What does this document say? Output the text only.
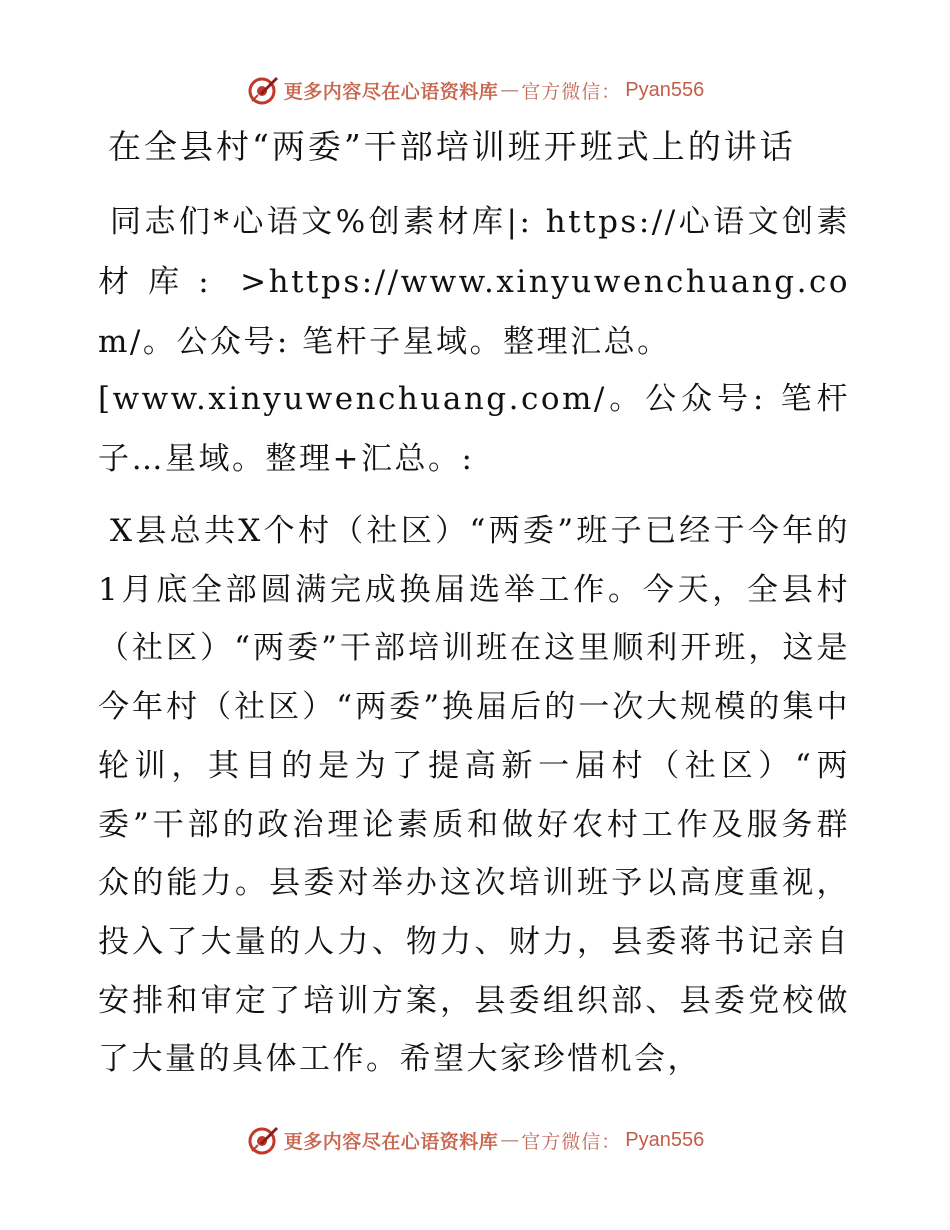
更多内容尽在心语资料库 — 官方微信： Pyan556
在全县村“两委”干部培训班开班式上的讲话
同志们*心语文%创素材库|: https://心语文创素材库: >https://www.xinyuwenchuang.com/。公众号: 笔杆子星域。整理汇总。
[www.xinyuwenchuang.com/。公众号: 笔杆子…星域。整理+汇总。:
X县总共X个村（社区）“两委”班子已经于今年的1月底全部圆满完成换届选举工作。今天，全县村（社区）“两委”干部培训班在这里顺利开班，这是今年村（社区）“两委”换届后的一次大规模的集中轮训，其目的是为了提高新一届村（社区）“两委”干部的政治理论素质和做好农村工作及服务群众的能力。县委对举办这次培训班予以高度重视，投入了大量的人力、物力、财力，县委蒋书记亲自安排和审定了培训方案，县委组织部、县委党校做了大量的具体工作。希望大家珍惜机会，
更多内容尽在心语资料库 — 官方微信： Pyan556
